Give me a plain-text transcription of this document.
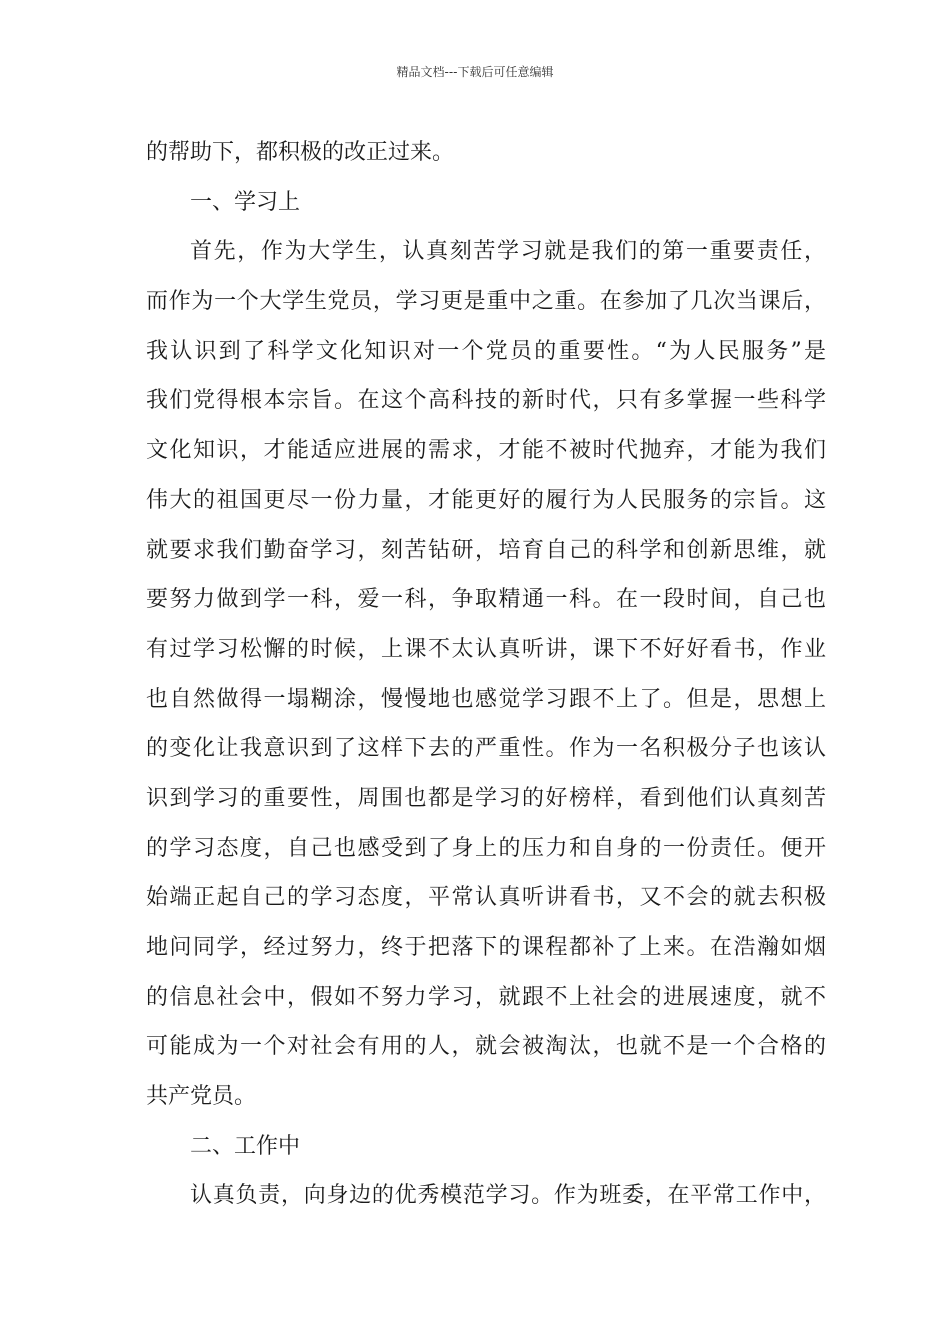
精品文档---下载后可任意编辑
的帮助下，都积极的改正过来。
一、学习上
首先，作为大学生，认真刻苦学习就是我们的第一重要责任，
而作为一个大学生党员，学习更是重中之重。在参加了几次当课后，
我认识到了科学文化知识对一个党员的重要性。“为人民服务”是
我们党得根本宗旨。在这个高科技的新时代，只有多掌握一些科学
文化知识，才能适应进展的需求，才能不被时代抛弃，才能为我们
伟大的祖国更尽一份力量，才能更好的履行为人民服务的宗旨。这
就要求我们勤奋学习，刻苦钻研，培育自己的科学和创新思维，就
要努力做到学一科，爱一科，争取精通一科。在一段时间，自己也
有过学习松懈的时候，上课不太认真听讲，课下不好好看书，作业
也自然做得一塌糊涂，慢慢地也感觉学习跟不上了。但是，思想上
的变化让我意识到了这样下去的严重性。作为一名积极分子也该认
识到学习的重要性，周围也都是学习的好榜样，看到他们认真刻苦
的学习态度，自己也感受到了身上的压力和自身的一份责任。便开
始端正起自己的学习态度，平常认真听讲看书，又不会的就去积极
地问同学，经过努力，终于把落下的课程都补了上来。在浩瀚如烟
的信息社会中，假如不努力学习，就跟不上社会的进展速度，就不
可能成为一个对社会有用的人，就会被淘汰，也就不是一个合格的
共产党员。
二、工作中
认真负责，向身边的优秀模范学习。作为班委，在平常工作中，
